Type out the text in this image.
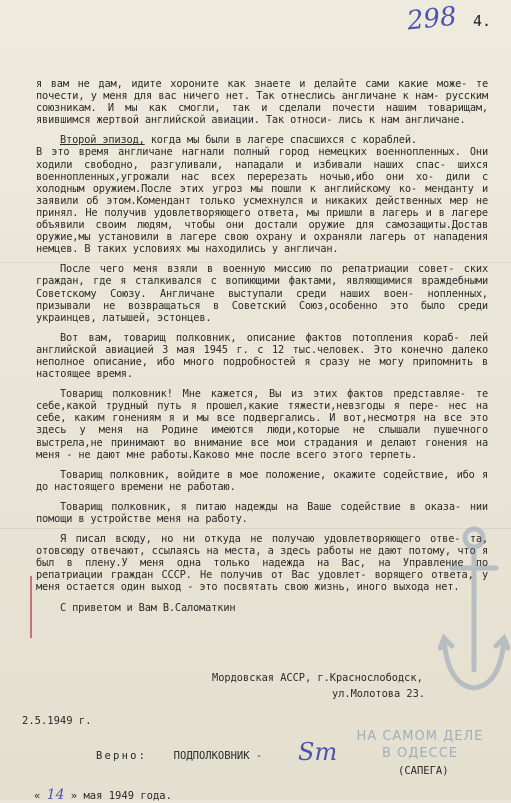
298 4.

я вам не дам, идите хороните как знаете и делайте сами какие може- те почести, у меня для вас ничего нет. Так отнеслись англичане к нам- русским союзникам. И мы как смогли, так и сделали почести нашим товарищам, явившимся жертвой английской авиации. Так относи- лись к нам англичане.

Второй эпизод, когда мы были в лагере спасшихся с кораблей.

В это время англичане нагнали полный город немецких военнопленных. Они ходили свободно, разгуливали, нападали и избивали наших спас- шихся военнопленных,угрожали нас всех перерезать ночью,ибо они хо- дили с холодным оружием.После этих угроз мы пошли к английскому ко- менданту и заявили об этом.Комендант только усмехнулся и никаких действенных мер не принял. Не получив удовлетворяющего ответа, мы пришли в лагерь и в лагере объявили своим людям, чтобы они достали оружие для самозащиты.Достав оружие,мы установили в лагере свою охрану и охраняли лагерь от нападения немцев. В таких условиях мы находились у англичан.

После чего меня взяли в военную миссию по репатриации совет- ских граждан, где я сталкивался с вопиющими фактами, являющимися враждебными Советскому Союзу. Англичане выступали среди наших воен- нопленных, призывали не возвращаться в Советский Союз,особенно это было среди украинцев, латышей, эстонцев.

Вот вам, товарищ полковник, описание фактов потопления кораб- лей английской авиацией 3 мая 1945 г. с 12 тыс.человек. Это конечно далеко неполное описание, ибо много подробностей я сразу не могу припомнить в настоящее время.

Товарищ полковник! Мне кажется, Вы из этих фактов представляе- те себе,какой трудный путь я прошел,какие тяжести,невзгоды я пере- нес на себе, каким гонениям я и мы все подвергались. И вот,несмотря на все это здесь у меня на Родине имеются люди,которые не слышали пушечного выстрела,не принимают во внимание все мои страдания и делают гонения на меня - не дают мне работы.Каково мне после всего этого терпеть.

Товарищ полковник, войдите в мое положение, окажите содействие, ибо я до настоящего времени не работаю.

Товарищ полковник, я питаю надежды на Ваше содействие в оказа- нии помощи в устройстве меня на работу.

Я писал всюду, но ни откуда не получаю удовлетворяющего отве- та, отовсюду отвечают, ссылаясь на места, а здесь работы не дают потому, что я был в плену.У меня одна только надежда на Вас, на Управление по репатриации граждан СССР. Не получив от Вас удовлет- ворящего ответа, у меня остается один выход - это посвятать свою жизнь, иного выхода нет.

С приветом и Вам В.Саломаткин

Мордовская АССР, г.Краснослободск,
ул.Молотова 23.
2.5.1949 г.
Верно:	ПОДПОЛКОВНИК - Sm
(САПЕГА)
« 14 » мая 1949 года.
НА САМОМ ДЕЛЕ
В ОДЕССЕ
